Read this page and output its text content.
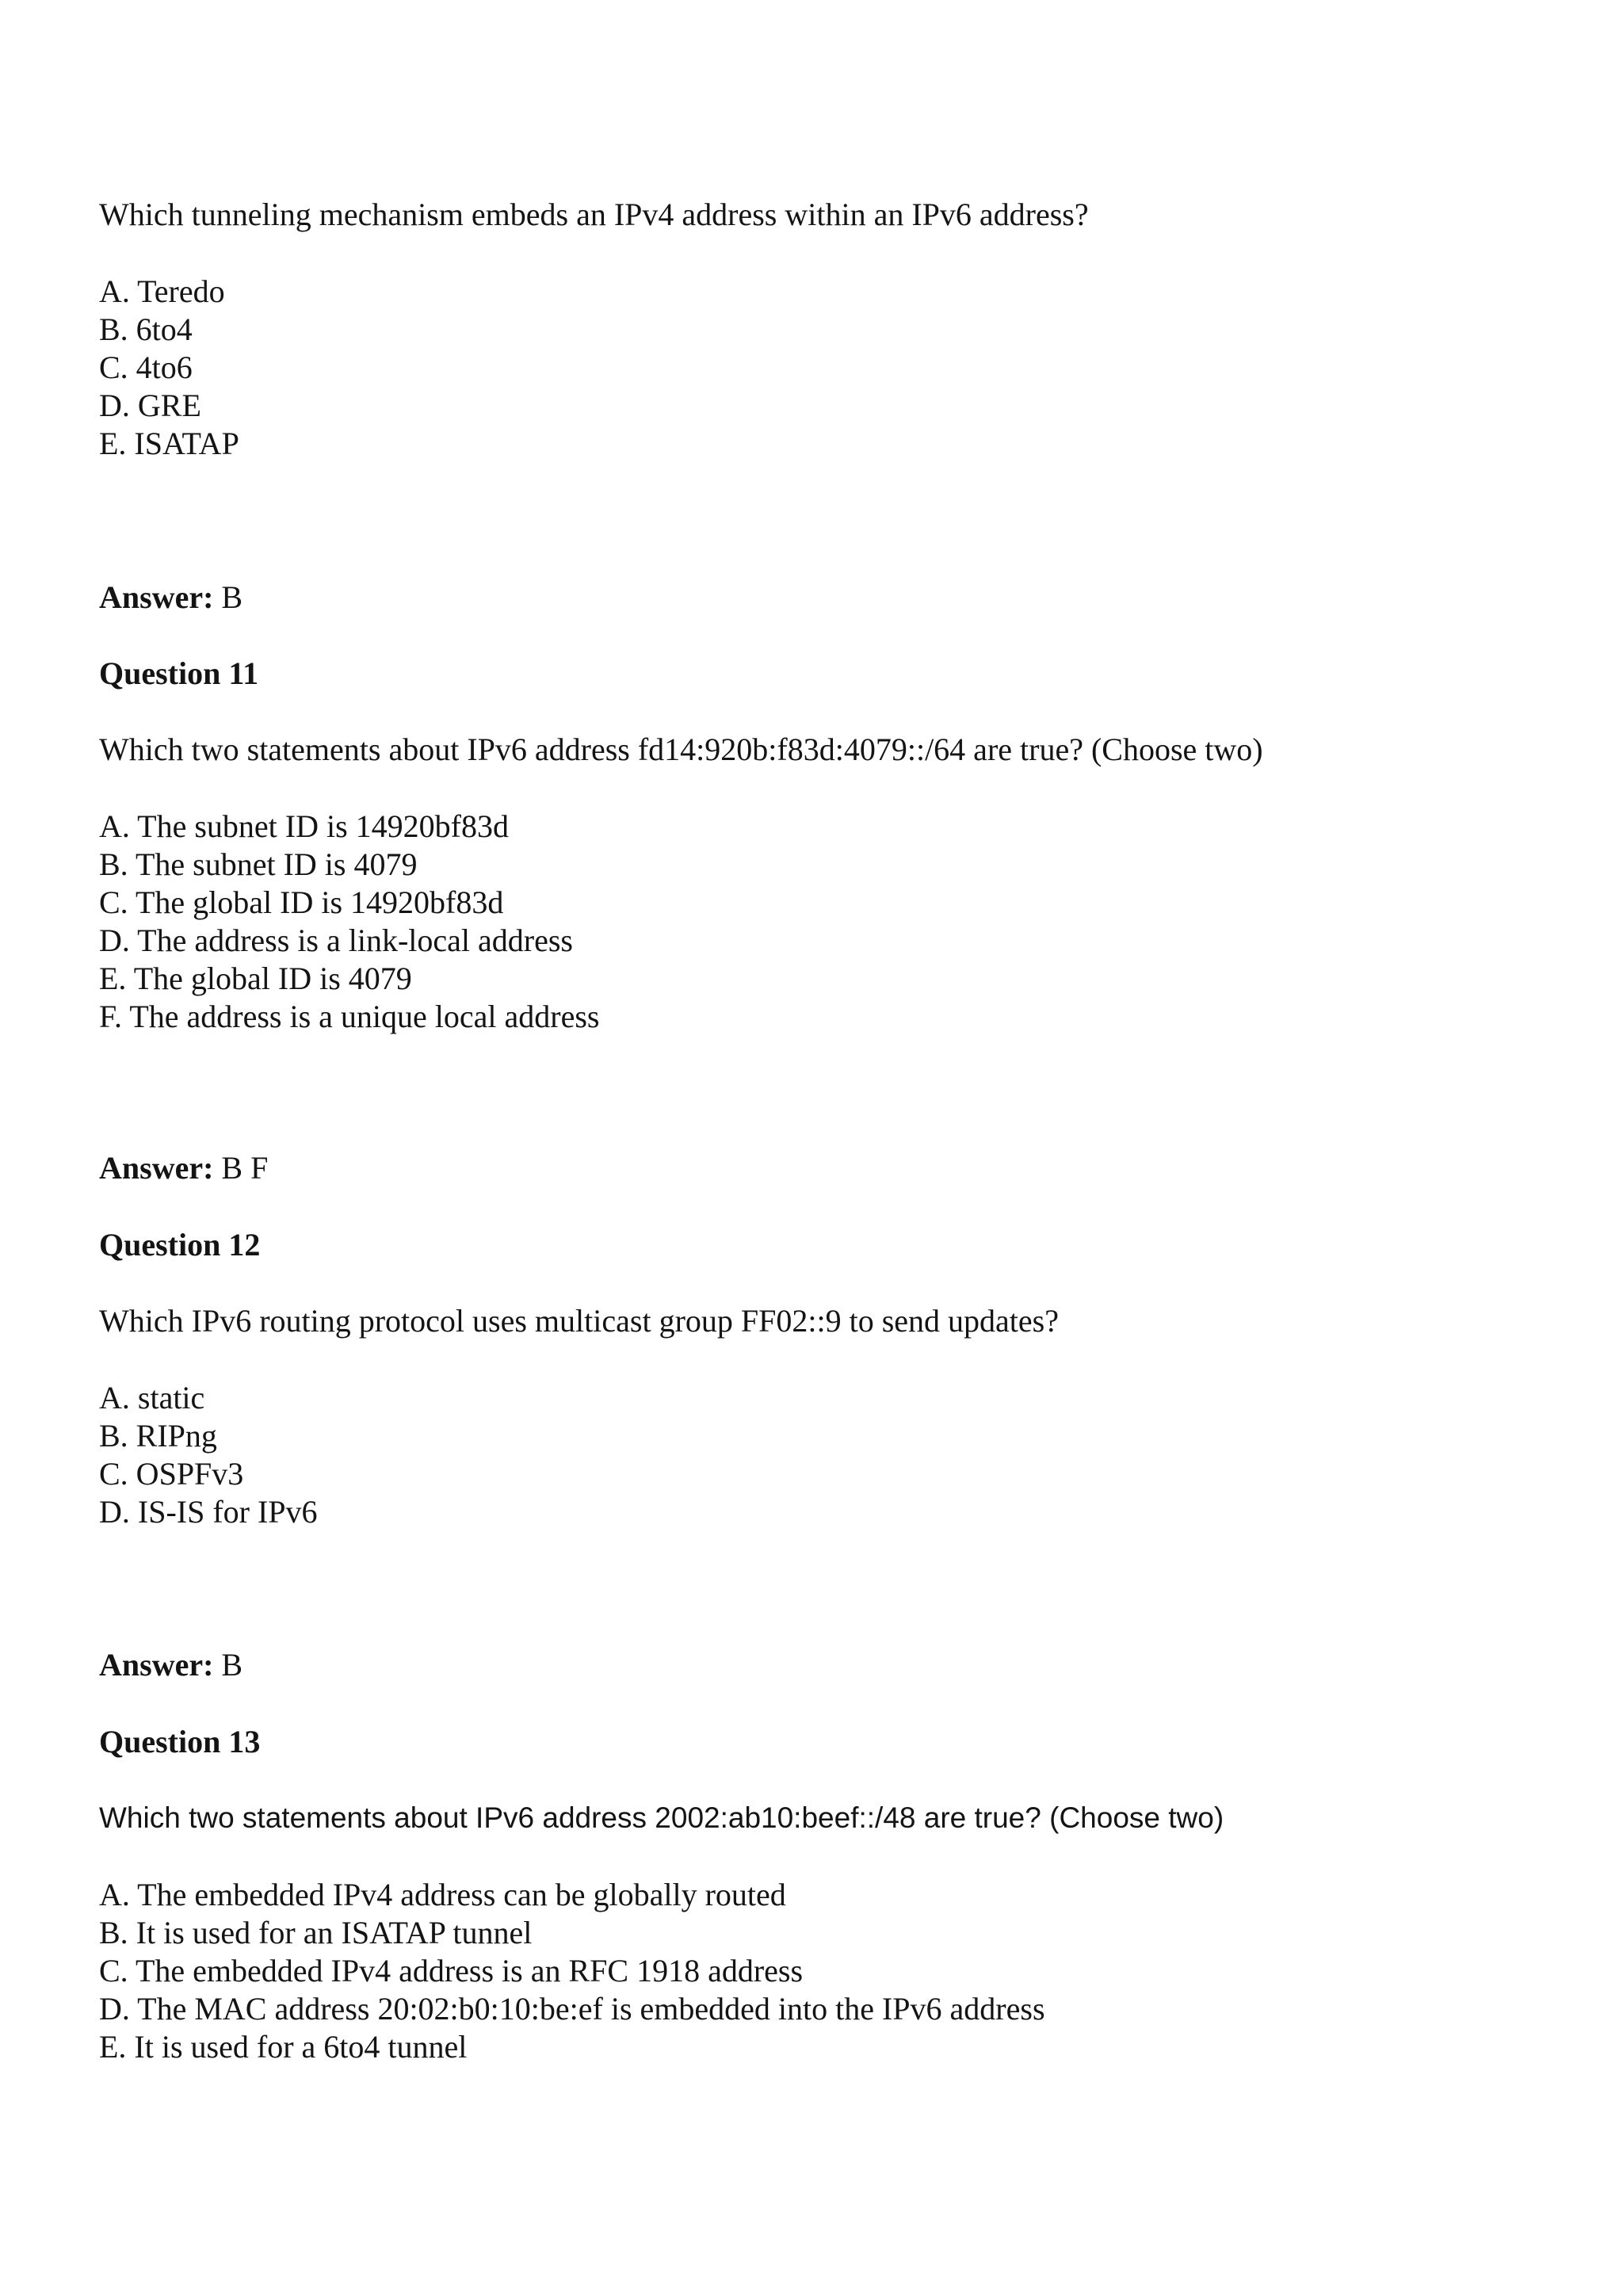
Which tunneling mechanism embeds an IPv4 address within an IPv6 address?
A. Teredo
B. 6to4
C. 4to6
D. GRE
E. ISATAP
Answer: B
Question 11
Which two statements about IPv6 address fd14:920b:f83d:4079::/64 are true? (Choose two)
A. The subnet ID is 14920bf83d
B. The subnet ID is 4079
C. The global ID is 14920bf83d
D. The address is a link-local address
E. The global ID is 4079
F. The address is a unique local address
Answer: B F
Question 12
Which IPv6 routing protocol uses multicast group FF02::9 to send updates?
A. static
B. RIPng
C. OSPFv3
D. IS-IS for IPv6
Answer: B
Question 13
Which two statements about IPv6 address 2002:ab10:beef::/48 are true? (Choose two)
A. The embedded IPv4 address can be globally routed
B. It is used for an ISATAP tunnel
C. The embedded IPv4 address is an RFC 1918 address
D. The MAC address 20:02:b0:10:be:ef is embedded into the IPv6 address
E. It is used for a 6to4 tunnel
